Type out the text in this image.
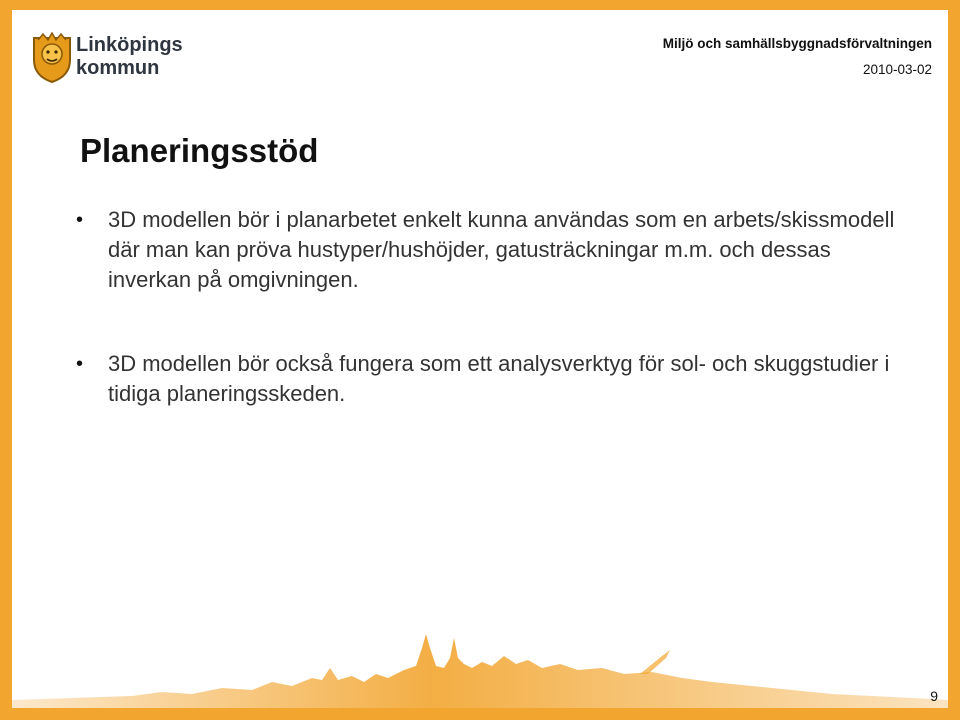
Linköpings
kommun
Miljö och samhällsbyggnadsförvaltningen
2010-03-02
Planeringsstöd
• 3D modellen bör i planarbetet enkelt kunna användas som en arbets/skissmodell där man kan pröva hustyper/hushöjder, gatusträckningar m.m. och dessas inverkan på omgivningen.
• 3D modellen bör också fungera som ett analysverktyg för sol- och skuggstudier i tidiga planeringsskeden.
9
